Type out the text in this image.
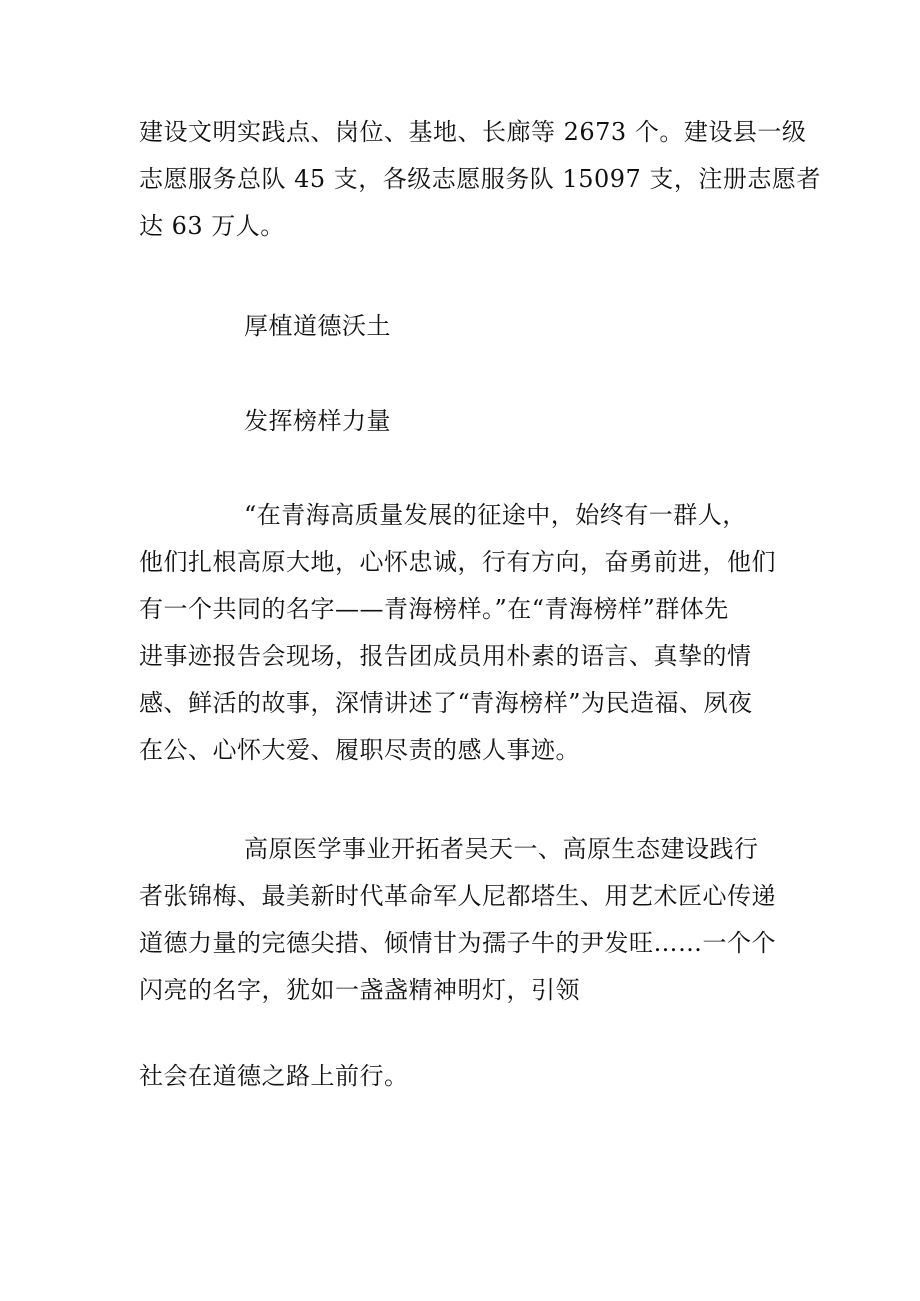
建设文明实践点、岗位、基地、长廊等 2673 个。建设县一级
志愿服务总队 45 支，各级志愿服务队 15097 支，注册志愿者
达 63 万人。
厚植道德沃土
发挥榜样力量
“在青海高质量发展的征途中，始终有一群人，
他们扎根高原大地，心怀忠诚，行有方向，奋勇前进，他们
有一个共同的名字——青海榜样。”在“青海榜样”群体先
进事迹报告会现场，报告团成员用朴素的语言、真挚的情
感、鲜活的故事，深情讲述了“青海榜样”为民造福、夙夜
在公、心怀大爱、履职尽责的感人事迹。
高原医学事业开拓者吴天一、高原生态建设践行
者张锦梅、最美新时代革命军人尼都塔生、用艺术匠心传递
道德力量的完德尖措、倾情甘为孺子牛的尹发旺……一个个
闪亮的名字，犹如一盏盏精神明灯，引领
社会在道德之路上前行。
